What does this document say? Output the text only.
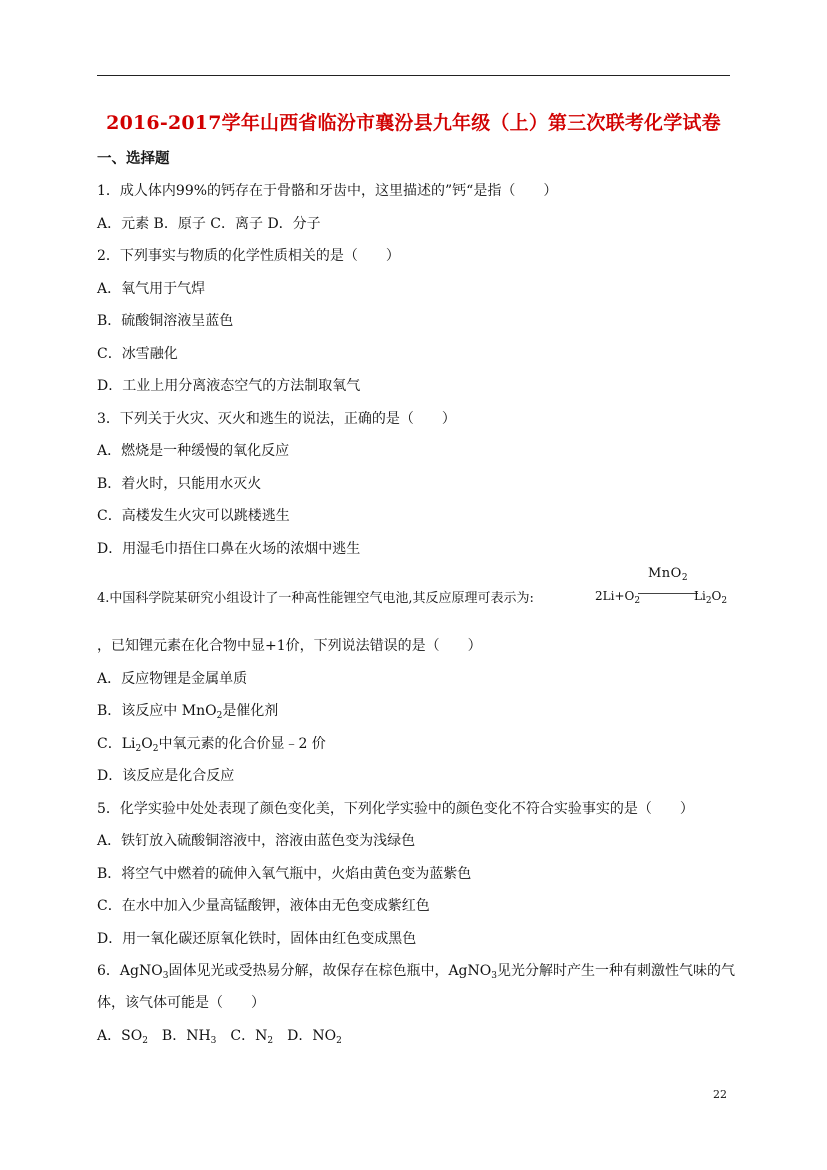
2016-2017学年山西省临汾市襄汾县九年级（上）第三次联考化学试卷
一、选择题
1．成人体内99%的钙存在于骨骼和牙齿中，这里描述的”钙“是指（　　）
A．元素 B．原子 C．离子 D．分子
2．下列事实与物质的化学性质相关的是（　　）
A．氧气用于气焊
B．硫酸铜溶液呈蓝色
C．冰雪融化
D．工业上用分离液态空气的方法制取氧气
3．下列关于火灾、灭火和逃生的说法，正确的是（　　）
A．燃烧是一种缓慢的氧化反应
B．着火时，只能用水灭火
C．高楼发生火灾可以跳楼逃生
D．用湿毛巾捂住口鼻在火场的浓烟中逃生
4.中国科学院某研究小组设计了一种高性能锂空气电池,其反应原理可表示为:	$2Li+O_2$
MnO$_2$
$Li_2O_2$
，已知锂元素在化合物中显+1价，下列说法错误的是（　　）
A．反应物锂是金属单质
B．该反应中 MnO$_2$是催化剂
C．$Li_2O_2$中氧元素的化合价显﹣2 价
D．该反应是化合反应
5．化学实验中处处表现了颜色变化美，下列化学实验中的颜色变化不符合实验事实的是（　　）
A．铁钉放入硫酸铜溶液中，溶液由蓝色变为浅绿色
B．将空气中燃着的硫伸入氧气瓶中，火焰由黄色变为蓝紫色
C．在水中加入少量高锰酸钾，液体由无色变成紫红色
D．用一氧化碳还原氧化铁时，固体由红色变成黑色
6．AgNO$_3$固体见光或受热易分解，故保存在棕色瓶中，AgNO$_3$见光分解时产生一种有刺激性气味的气
体，该气体可能是（　　）
A．$SO_2$　B．$NH_3$　C．$N_2$　D．$NO_2$
22
